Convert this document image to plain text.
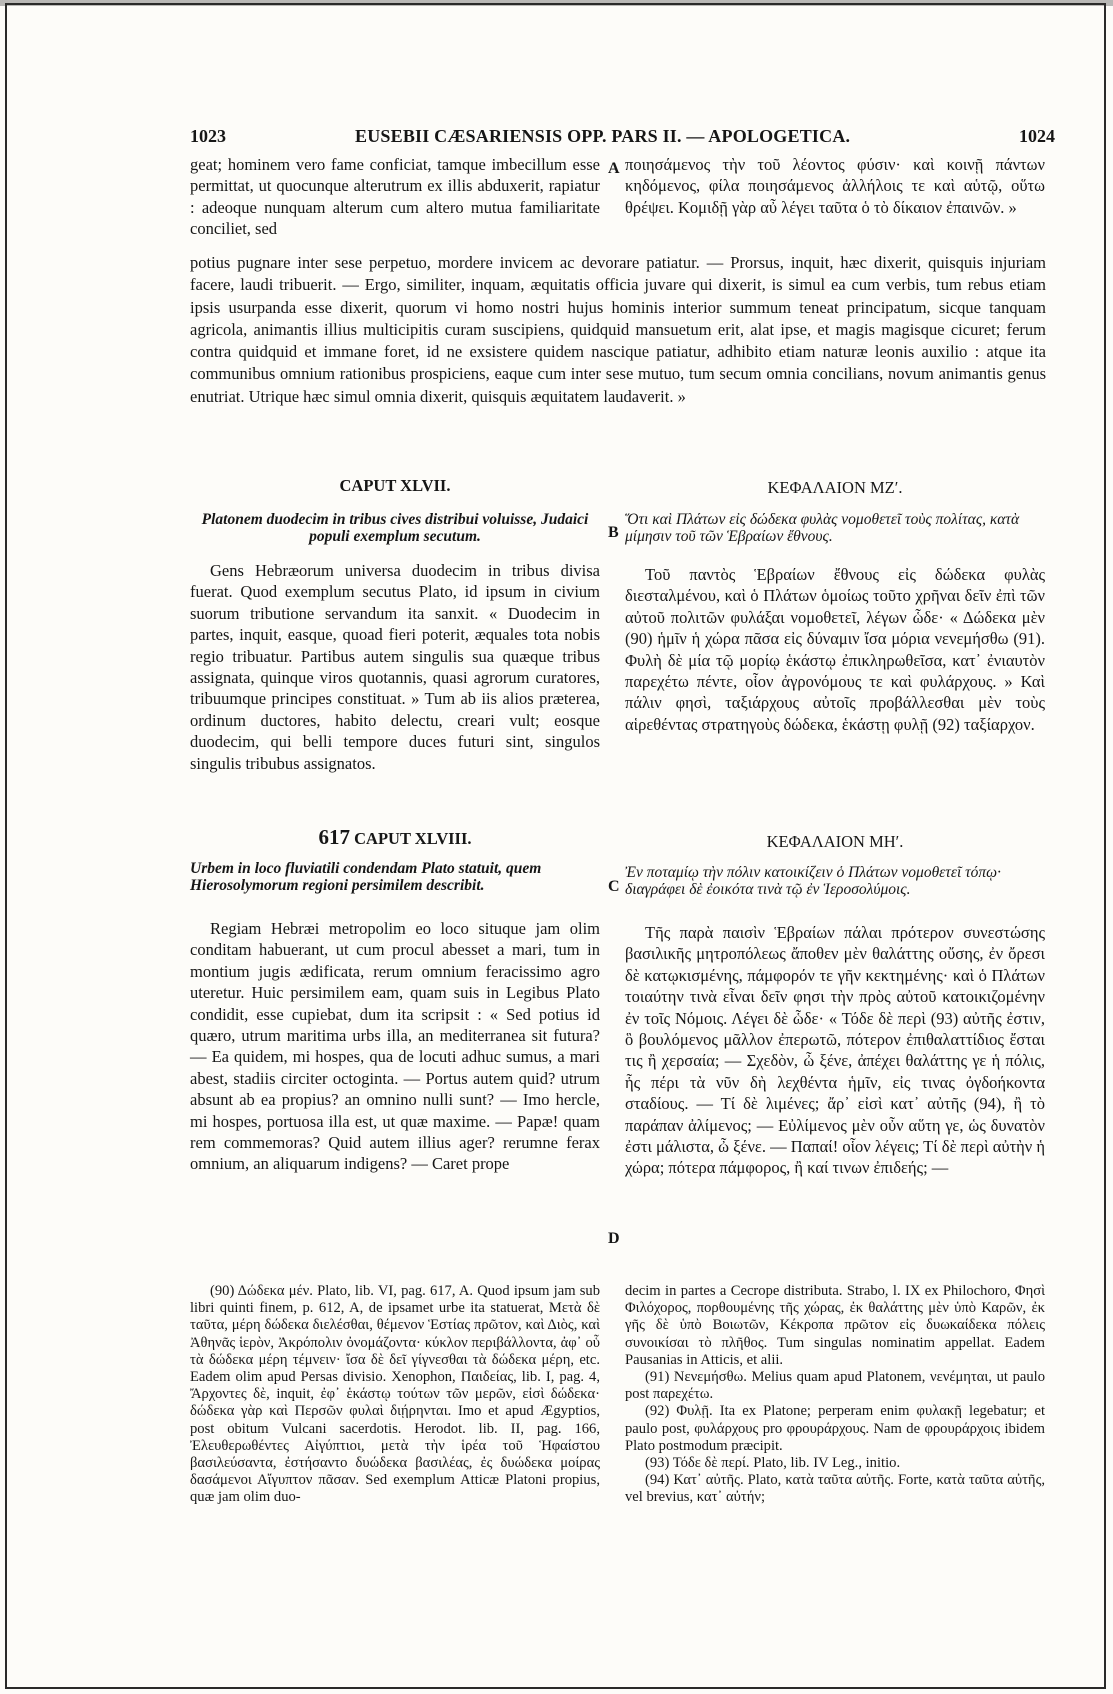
1023	EUSEBII CÆSARIENSIS OPP. PARS II. — APOLOGETICA.	1024
geat; hominem vero fame conficiat, tamque imbecillum esse permittat, ut quocunque alterutrum ex illis abduxerit, rapiatur : adeoque nunquam alterum cum altero mutua familiaritate conciliet, sed
A ποιησάμενος τὴν τοῦ λέοντος φύσιν· καὶ κοινῇ πάντων κηδόμενος, φίλα ποιησάμενος ἀλλήλοις τε καὶ αὑτῷ, οὕτω θρέψει. Κομιδῇ γὰρ αὖ λέγει ταῦτα ὁ τὸ δίκαιον ἐπαινῶν. »
potius pugnare inter sese perpetuo, mordere invicem ac devorare patiatur. — Prorsus, inquit, hæc dixerit, quisquis injuriam facere, laudi tribuerit. — Ergo, similiter, inquam, æquitatis officia juvare qui dixerit, is simul ea cum verbis, tum rebus etiam ipsis usurpanda esse dixerit, quorum vi homo nostri hujus hominis interior summum teneat principatum, sicque tanquam agricola, animantis illius multicipitis curam suscipiens, quidquid mansuetum erit, alat ipse, et magis magisque cicuret; ferum contra quidquid et immane foret, id ne exsistere quidem nascique patiatur, adhibito etiam naturæ leonis auxilio : atque ita communibus omnium rationibus prospiciens, eaque cum inter sese mutuo, tum secum omnia concilians, novum animantis genus enutriat. Utrique hæc simul omnia dixerit, quisquis æquitatem laudaverit. »
CAPUT XLVII.	ΚΕΦΑΛΑΙΟΝ ΜΖʹ.
Platonem duodecim in tribus cives distribui voluisse, Judaici populi exemplum secutum.	B
Ὅτι καὶ Πλάτων εἰς δώδεκα φυλὰς νομοθετεῖ τοὺς πολίτας, κατὰ μίμησιν τοῦ τῶν Ἑβραίων ἔθνους.

Gens Hebræorum universa duodecim in tribus divisa fuerat. Quod exemplum secutus Plato, id ipsum in civium suorum tributione servandum ita sanxit. « Duodecim in partes, inquit, easque, quoad fieri poterit, æquales tota nobis regio tribuatur. Partibus autem singulis sua quæque tribus assignata, quinque viros quotannis, quasi agrorum curatores, tribuumque principes constituat. » Tum ab iis alios præterea, ordinum ductores, habito delectu, creari vult; eosque duodecim, qui belli tempore duces futuri sint, singulos singulis tribubus assignatos.

Τοῦ παντὸς Ἑβραίων ἔθνους εἰς δώδεκα φυλὰς διεσταλμένου, καὶ ὁ Πλάτων ὁμοίως τοῦτο χρῆναι δεῖν ἐπὶ τῶν αὐτοῦ πολιτῶν φυλάξαι νομοθετεῖ, λέγων ὧδε· « Δώδεκα μὲν (90) ἡμῖν ἡ χώρα πᾶσα εἰς δύναμιν ἴσα μόρια νενεμήσθω (91). Φυλὴ δὲ μία τῷ μορίῳ ἑκάστῳ ἐπικληρωθεῖσα, κατ᾽ ἐνιαυτὸν παρεχέτω πέντε, οἷον ἀγρονόμους τε καὶ φυλάρχους. » Καὶ πάλιν φησὶ, ταξιάρχους αὐτοῖς προβάλλεσθαι μὲν τοὺς αἱρεθέντας στρατηγοὺς δώδεκα, ἑκάστῃ φυλῇ (92) ταξίαρχον.

617 CAPUT XLVIII.	ΚΕΦΑΛΑΙΟΝ ΜΗʹ.
Urbem in loco fluviatili condendam Plato statuit, quem Hierosolymorum regioni persimilem describit.	C
Ἐν ποταμίῳ τὴν πόλιν κατοικίζειν ὁ Πλάτων νομοθετεῖ τόπῳ· διαγράφει δὲ ἐοικότα τινὰ τῷ ἐν Ἱεροσολύμοις.

Regiam Hebræi metropolim eo loco situque jam olim conditam habuerant, ut cum procul abesset a mari, tum in montium jugis ædificata, rerum omnium feracissimo agro uteretur. Huic persimilem eam, quam suis in Legibus Plato condidit, esse cupiebat, dum ita scripsit : « Sed potius id quæro, utrum maritima urbs illa, an mediterranea sit futura? — Ea quidem, mi hospes, qua de locuti adhuc sumus, a mari abest, stadiis circiter octoginta. — Portus autem quid? utrum absunt ab ea propius? an omnino nulli sunt? — Imo hercle, mi hospes, portuosa illa est, ut quæ maxime. — Papæ! quam rem commemoras? Quid autem illius ager? rerumne ferax omnium, an aliquarum indigens? — Caret prope

D

Τῆς παρὰ παισὶν Ἑβραίων πάλαι πρότερον συνεστώσης βασιλικῆς μητροπόλεως ἄποθεν μὲν θαλάττης οὔσης, ἐν ὄρεσι δὲ κατῳκισμένης, πάμφορόν τε γῆν κεκτημένης· καὶ ὁ Πλάτων τοιαύτην τινὰ εἶναι δεῖν φησι τὴν πρὸς αὐτοῦ κατοικιζομένην ἐν τοῖς Νόμοις. Λέγει δὲ ὧδε· « Τόδε δὲ περὶ (93) αὐτῆς ἐστιν, ὃ βουλόμενος μᾶλλον ἐπερωτῶ, πότερον ἐπιθαλαττίδιος ἔσται τις ἢ χερσαία; — Σχεδὸν, ὦ ξένε, ἀπέχει θαλάττης γε ἡ πόλις, ἧς πέρι τὰ νῦν δὴ λεχθέντα ἡμῖν, εἰς τινας ὀγδοήκοντα σταδίους. — Τί δὲ λιμένες; ἄρ᾽ εἰσὶ κατ᾽ αὐτῆς (94), ἢ τὸ παράπαν ἀλίμενος; — Εὐλίμενος μὲν οὖν αὕτη γε, ὡς δυνατὸν ἐστι μάλιστα, ὦ ξένε. — Παπαί! οἷον λέγεις; Τί δὲ περὶ αὐτὴν ἡ χώρα; πότερα πάμφορος, ἢ καί τινων ἐπιδεής; —

(90) Δώδεκα μέν. Plato, lib. VI, pag. 617, A. Quod ipsum jam sub libri quinti finem, p. 612, A, de ipsamet urbe ita statuerat, Μετὰ δὲ ταῦτα, μέρη δώδεκα διελέσθαι, θέμενον Ἑστίας πρῶτον, καὶ Διὸς, καὶ Ἀθηνᾶς ἱερὸν, Ἀκρόπολιν ὀνομάζοντα· κύκλον περιβάλλοντα, ἀφ᾽ οὗ τὰ δώδεκα μέρη τέμνειν· ἴσα δὲ δεῖ γίγνεσθαι τὰ δώδεκα μέρη, etc. Eadem olim apud Persas divisio. Xenophon, Παιδείας, lib. I, pag. 4, Ἄρχοντες δὲ, inquit, ἐφ᾽ ἑκάστῳ τούτων τῶν μερῶν, εἰσὶ δώδεκα· δώδεκα γὰρ καὶ Περσῶν φυλαὶ διῄρηνται. Imo et apud Ægyptios, post obitum Vulcani sacerdotis. Herodot. lib. II, pag. 166, Ἐλευθερωθέντες Αἰγύπτιοι, μετὰ τὴν ἱρέα τοῦ Ἡφαίστου βασιλεύσαντα, ἐστήσαντο δυώδεκα βασιλέας, ἐς δυώδεκα μοίρας δασάμενοι Αἴγυπτον πᾶσαν. Sed exemplum Atticæ Platoni propius, quæ jam olim duo-

decim in partes a Cecrope distributa. Strabo, l. IX ex Philochoro, Φησὶ Φιλόχορος, πορθουμένης τῆς χώρας, ἐκ θαλάττης μὲν ὑπὸ Καρῶν, ἐκ γῆς δὲ ὑπὸ Βοιωτῶν, Κέκροπα πρῶτον εἰς δυωκαίδεκα πόλεις συνοικίσαι τὸ πλῆθος. Tum singulas nominatim appellat. Eadem Pausanias in Atticis, et alii.

(91) Νενεμήσθω. Melius quam apud Platonem, νενέμηται, ut paulo post παρεχέτω.

(92) Φυλῇ. Ita ex Platone; perperam enim φυλακῇ legebatur; et paulo post, φυλάρχους pro φρουράρχους. Nam de φρουράρχοις ibidem Plato postmodum præcipit.

(93) Τόδε δὲ περί. Plato, lib. IV Leg., initio.

(94) Κατ᾽ αὐτῆς. Plato, κατὰ ταῦτα αὐτῆς. Forte, κατὰ ταῦτα αὐτῆς, vel brevius, κατ᾽ αὐτήν;
